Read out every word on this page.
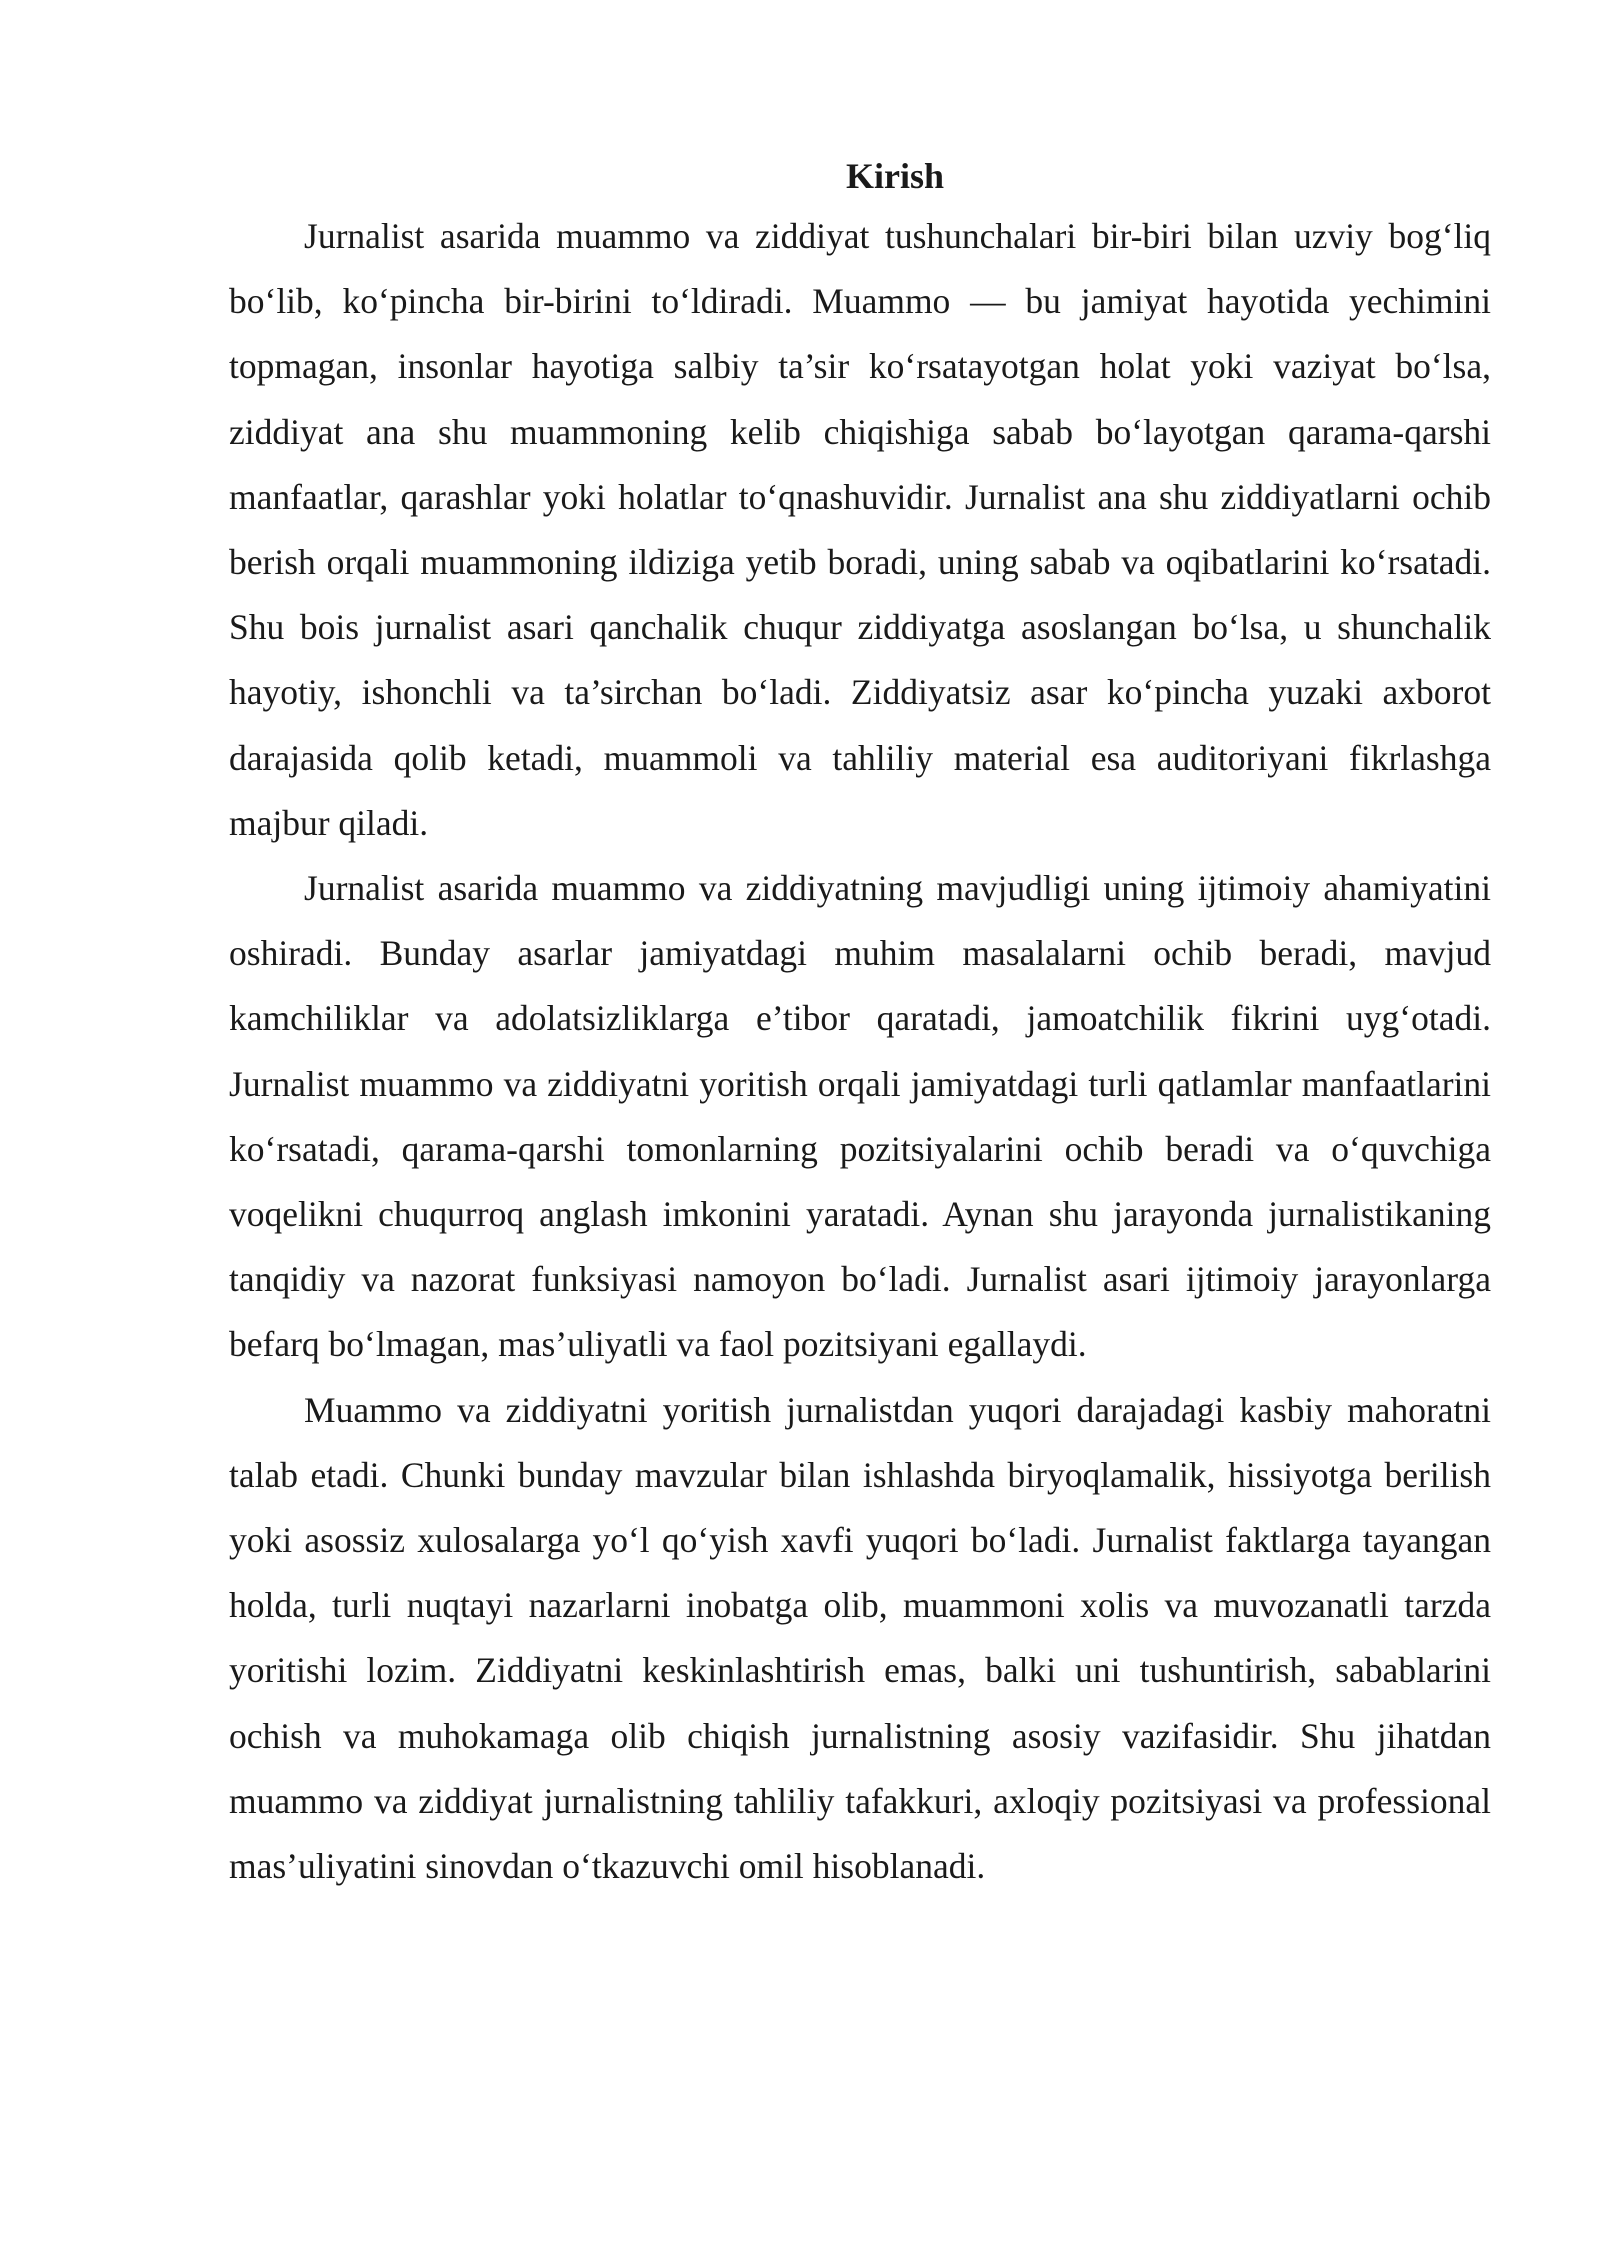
Kirish

Jurnalist asarida muammo va ziddiyat tushunchalari bir-biri bilan uzviy bog‘liq bo‘lib, ko‘pincha bir-birini to‘ldiradi. Muammo — bu jamiyat hayotida yechimini topmagan, insonlar hayotiga salbiy ta’sir ko‘rsatayotgan holat yoki vaziyat bo‘lsa, ziddiyat ana shu muammoning kelib chiqishiga sabab bo‘layotgan qarama-qarshi manfaatlar, qarashlar yoki holatlar to‘qnashuvidir. Jurnalist ana shu ziddiyatlarni ochib berish orqali muammoning ildiziga yetib boradi, uning sabab va oqibatlarini ko‘rsatadi. Shu bois jurnalist asari qanchalik chuqur ziddiyatga asoslangan bo‘lsa, u shunchalik hayotiy, ishonchli va ta’sirchan bo‘ladi. Ziddiyatsiz asar ko‘pincha yuzaki axborot darajasida qolib ketadi, muammoli va tahliliy material esa auditoriyani fikrlashga majbur qiladi.

Jurnalist asarida muammo va ziddiyatning mavjudligi uning ijtimoiy ahamiyatini oshiradi. Bunday asarlar jamiyatdagi muhim masalalarni ochib beradi, mavjud kamchiliklar va adolatsizliklarga e’tibor qaratadi, jamoatchilik fikrini uyg‘otadi. Jurnalist muammo va ziddiyatni yoritish orqali jamiyatdagi turli qatlamlar manfaatlarini ko‘rsatadi, qarama-qarshi tomonlarning pozitsiyalarini ochib beradi va o‘quvchiga voqelikni chuqurroq anglash imkonini yaratadi. Aynan shu jarayonda jurnalistikaning tanqidiy va nazorat funksiyasi namoyon bo‘ladi. Jurnalist asari ijtimoiy jarayonlarga befarq bo‘lmagan, mas’uliyatli va faol pozitsiyani egallaydi.

Muammo va ziddiyatni yoritish jurnalistdan yuqori darajadagi kasbiy mahoratni talab etadi. Chunki bunday mavzular bilan ishlashda biryoqlamalik, hissiyotga berilish yoki asossiz xulosalarga yo‘l qo‘yish xavfi yuqori bo‘ladi. Jurnalist faktlarga tayangan holda, turli nuqtayi nazarlarni inobatga olib, muammoni xolis va muvozanatli tarzda yoritishi lozim. Ziddiyatni keskinlashtirish emas, balki uni tushuntirish, sabablarini ochish va muhokamaga olib chiqish jurnalistning asosiy vazifasidir. Shu jihatdan muammo va ziddiyat jurnalistning tahliliy tafakkuri, axloqiy pozitsiyasi va professional mas’uliyatini sinovdan o‘tkazuvchi omil hisoblanadi.
